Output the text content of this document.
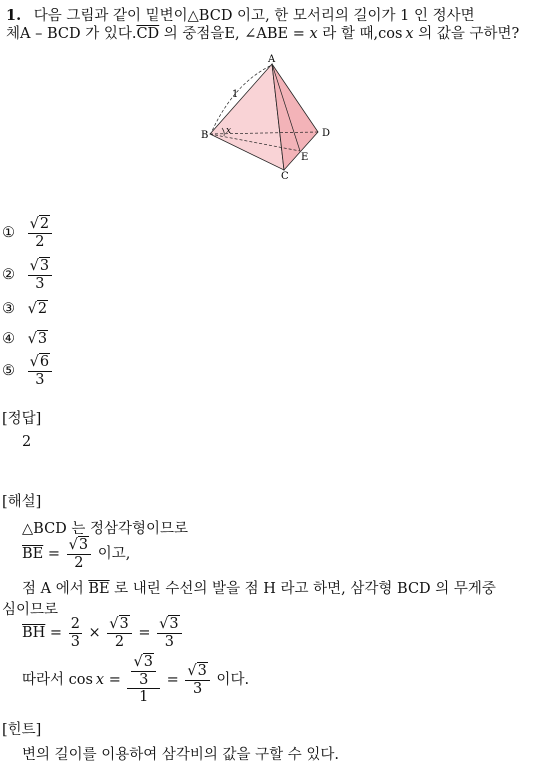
1. 다음 그림과 같이 밑변이△BCD 이고, 한 모서리의 길이가 1 인 정사면
체A – BCD 가 있다$.\overline{CD}$ 의 중점을E, ∠ABE = x 라 할 때,cos x 의 값을 구하면?
A
B
C
D
E
1
x
① $\frac{√2}{2}$
② $\frac{√3}{3}$
③ √2
④ √3
⑤ $\frac{√6}{3}$
[정답]
2
[해설]
△BCD 는 정삼각형이므로
$\overline{BE} = \frac{√3}{2}$ 이고,
점 A 에서 $\overline{BE}$ 로 내린 수선의 발을 점 H 라고 하면, 삼각형 BCD 의 무게중
심이므로
$\overline{BH} = \frac{2}{3} \times \frac{√3}{2} = \frac{√3}{3}$
따라서 $\cos x = \frac{\frac{√3}{3}}{1} = \frac{√3}{3}$ 이다.
[힌트]
변의 길이를 이용하여 삼각비의 값을 구할 수 있다.
